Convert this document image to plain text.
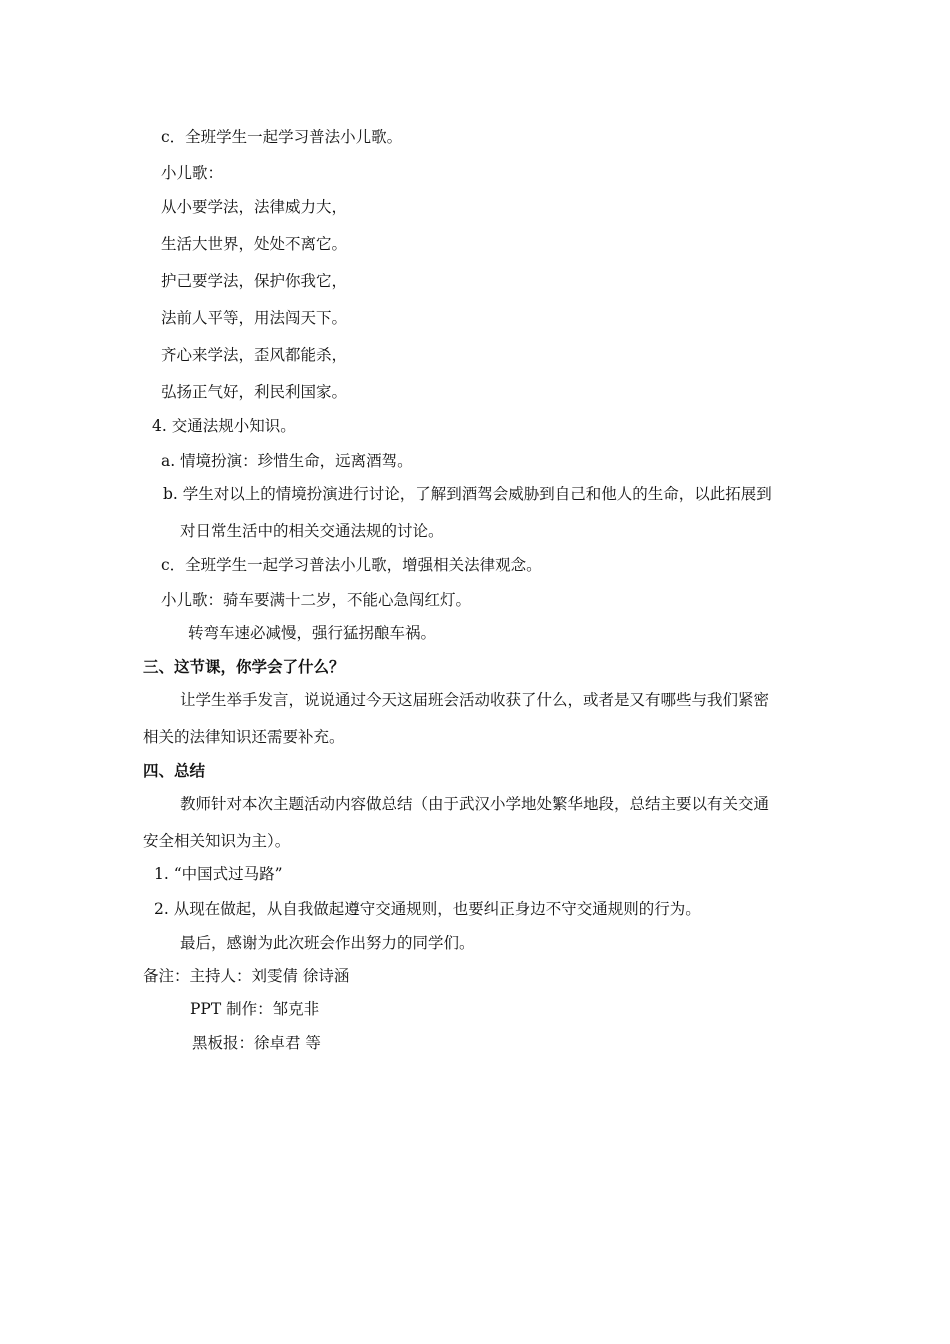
c．全班学生一起学习普法小儿歌。
小儿歌：
从小要学法，法律威力大，
生活大世界，处处不离它。
护己要学法，保护你我它，
法前人平等，用法闯天下。
齐心来学法，歪风都能杀，
弘扬正气好，利民利国家。
4. 交通法规小知识。
a. 情境扮演：珍惜生命，远离酒驾。
b. 学生对以上的情境扮演进行讨论，了解到酒驾会威胁到自己和他人的生命，以此拓展到
对日常生活中的相关交通法规的讨论。
c．全班学生一起学习普法小儿歌，增强相关法律观念。
小儿歌：骑车要满十二岁，不能心急闯红灯。
转弯车速必减慢，强行猛拐酿车祸。
三、这节课，你学会了什么？
让学生举手发言，说说通过今天这届班会活动收获了什么，或者是又有哪些与我们紧密
相关的法律知识还需要补充。
四、总结
教师针对本次主题活动内容做总结（由于武汉小学地处繁华地段，总结主要以有关交通
安全相关知识为主）。
1. “中国式过马路”
2. 从现在做起，从自我做起遵守交通规则，也要纠正身边不守交通规则的行为。
最后，感谢为此次班会作出努力的同学们。
备注：主持人：刘雯倩 徐诗涵
PPT 制作：邹克非
黑板报：徐卓君 等
